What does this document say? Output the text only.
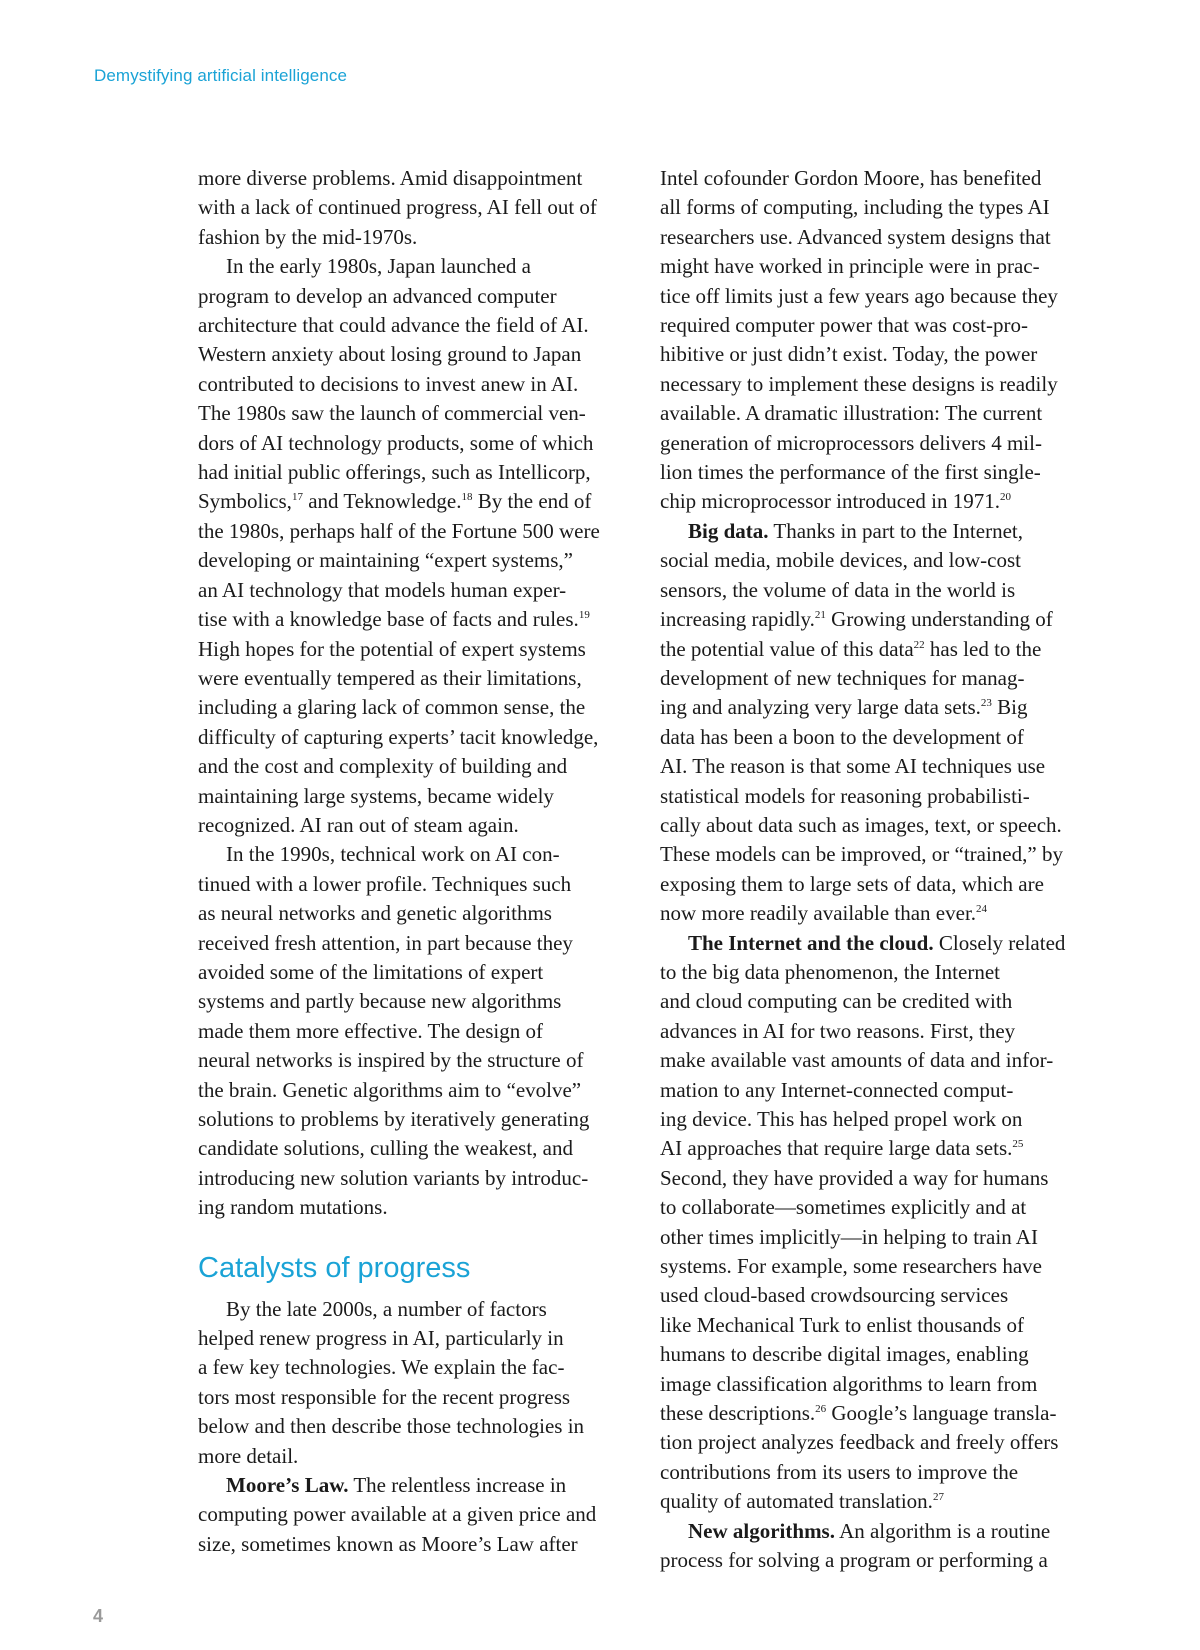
Demystifying artificial intelligence
more diverse problems. Amid disappointment
with a lack of continued progress, AI fell out of
fashion by the mid-1970s.
In the early 1980s, Japan launched a
program to develop an advanced computer
architecture that could advance the field of AI.
Western anxiety about losing ground to Japan
contributed to decisions to invest anew in AI.
The 1980s saw the launch of commercial ven-
dors of AI technology products, some of which
had initial public offerings, such as Intellicorp,
Symbolics,$^{17}$ and Teknowledge.$^{18}$ By the end of
the 1980s, perhaps half of the Fortune 500 were
developing or maintaining “expert systems,”
an AI technology that models human exper-
tise with a knowledge base of facts and rules.$^{19}$
High hopes for the potential of expert systems
were eventually tempered as their limitations,
including a glaring lack of common sense, the
difficulty of capturing experts’ tacit knowledge,
and the cost and complexity of building and
maintaining large systems, became widely
recognized. AI ran out of steam again.
In the 1990s, technical work on AI con-
tinued with a lower profile. Techniques such
as neural networks and genetic algorithms
received fresh attention, in part because they
avoided some of the limitations of expert
systems and partly because new algorithms
made them more effective. The design of
neural networks is inspired by the structure of
the brain. Genetic algorithms aim to “evolve”
solutions to problems by iteratively generating
candidate solutions, culling the weakest, and
introducing new solution variants by introduc-
ing random mutations.
Catalysts of progress
By the late 2000s, a number of factors
helped renew progress in AI, particularly in
a few key technologies. We explain the fac-
tors most responsible for the recent progress
below and then describe those technologies in
more detail.
Moore’s Law. The relentless increase in
computing power available at a given price and
size, sometimes known as Moore’s Law after
Intel cofounder Gordon Moore, has benefited
all forms of computing, including the types AI
researchers use. Advanced system designs that
might have worked in principle were in prac-
tice off limits just a few years ago because they
required computer power that was cost-pro-
hibitive or just didn’t exist. Today, the power
necessary to implement these designs is readily
available. A dramatic illustration: The current
generation of microprocessors delivers 4 mil-
lion times the performance of the first single-
chip microprocessor introduced in 1971.20
Big data. Thanks in part to the Internet,
social media, mobile devices, and low-cost
sensors, the volume of data in the world is
increasing rapidly.$^{21}$ Growing understanding of
the potential value of this data$^{22}$ has led to the
development of new techniques for manag-
ing and analyzing very large data sets.$^{23}$ Big
data has been a boon to the development of
AI. The reason is that some AI techniques use
statistical models for reasoning probabilisti-
cally about data such as images, text, or speech.
These models can be improved, or “trained,” by
exposing them to large sets of data, which are
now more readily available than ever.$^{24}$
The Internet and the cloud. Closely related
to the big data phenomenon, the Internet
and cloud computing can be credited with
advances in AI for two reasons. First, they
make available vast amounts of data and infor-
mation to any Internet-connected comput-
ing device. This has helped propel work on
AI approaches that require large data sets.$^{25}$
Second, they have provided a way for humans
to collaborate—sometimes explicitly and at
other times implicitly—in helping to train AI
systems. For example, some researchers have
used cloud-based crowdsourcing services
like Mechanical Turk to enlist thousands of
humans to describe digital images, enabling
image classification algorithms to learn from
these descriptions.$^{26}$ Google’s language transla-
tion project analyzes feedback and freely offers
contributions from its users to improve the
quality of automated translation.$^{27}$
New algorithms. An algorithm is a routine
process for solving a program or performing a
4
